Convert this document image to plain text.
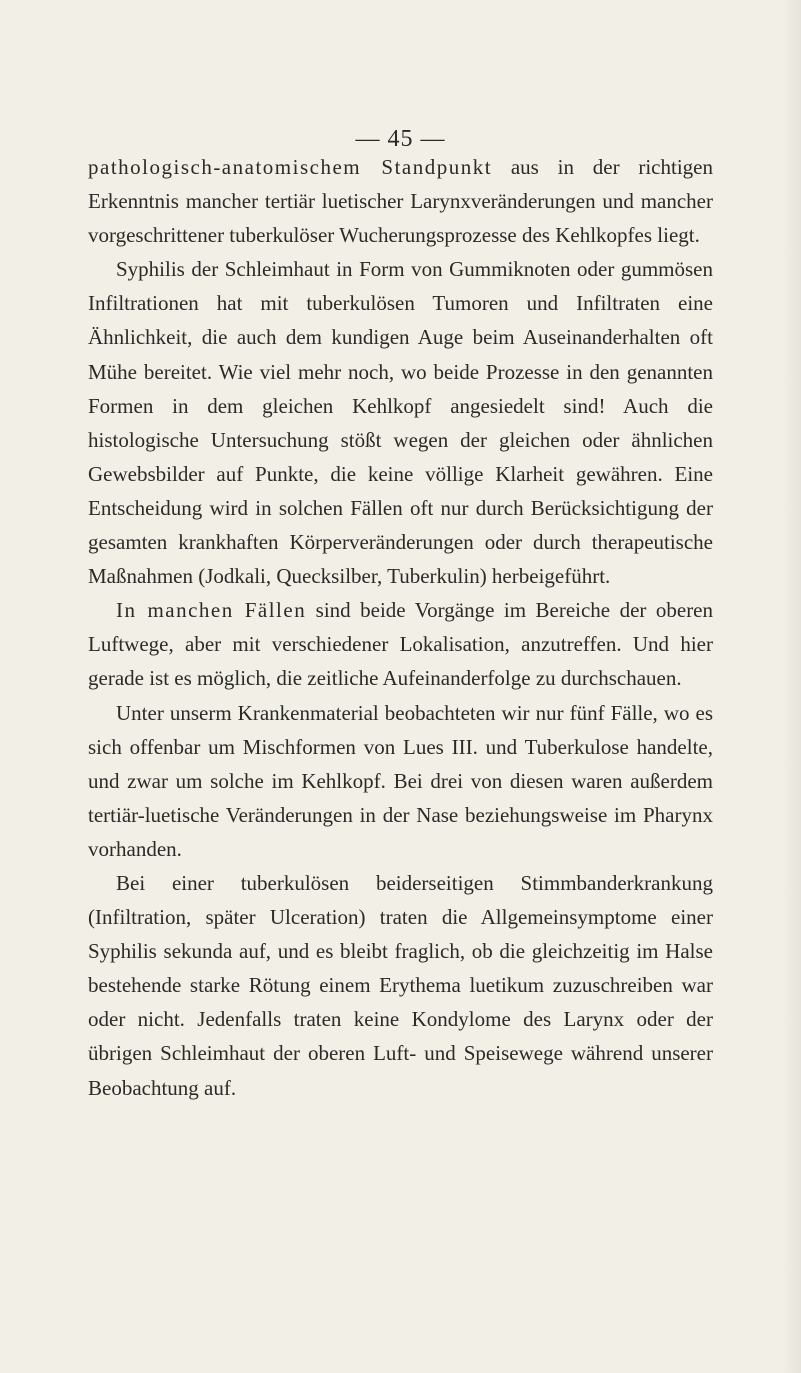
— 45 —

pathologisch-anatomischem Standpunkt aus in der richtigen Erkenntnis mancher tertiär luetischer Larynxveränderungen und mancher vorgeschrittener tuberkulöser Wucherungsprozesse des Kehlkopfes liegt.

Syphilis der Schleimhaut in Form von Gummiknoten oder gummösen Infiltrationen hat mit tuberkulösen Tumoren und Infiltraten eine Ähnlichkeit, die auch dem kundigen Auge beim Auseinanderhalten oft Mühe bereitet. Wie viel mehr noch, wo beide Prozesse in den genannten Formen in dem gleichen Kehlkopf angesiedelt sind! Auch die histologische Untersuchung stößt wegen der gleichen oder ähnlichen Gewebsbilder auf Punkte, die keine völlige Klarheit gewähren. Eine Entscheidung wird in solchen Fällen oft nur durch Berücksichtigung der gesamten krankhaften Körperveränderungen oder durch therapeutische Maßnahmen (Jodkali, Quecksilber, Tuberkulin) herbeigeführt.

In manchen Fällen sind beide Vorgänge im Bereiche der oberen Luftwege, aber mit verschiedener Lokalisation, anzutreffen. Und hier gerade ist es möglich, die zeitliche Aufeinanderfolge zu durchschauen.

Unter unserm Krankenmaterial beobachteten wir nur fünf Fälle, wo es sich offenbar um Mischformen von Lues III. und Tuberkulose handelte, und zwar um solche im Kehlkopf. Bei drei von diesen waren außerdem tertiär-luetische Veränderungen in der Nase beziehungsweise im Pharynx vorhanden.

Bei einer tuberkulösen beiderseitigen Stimmbanderkrankung (Infiltration, später Ulceration) traten die Allgemeinsymptome einer Syphilis sekunda auf, und es bleibt fraglich, ob die gleichzeitig im Halse bestehende starke Rötung einem Erythema luetikum zuzuschreiben war oder nicht. Jedenfalls traten keine Kondylome des Larynx oder der übrigen Schleimhaut der oberen Luft- und Speisewege während unserer Beobachtung auf.
